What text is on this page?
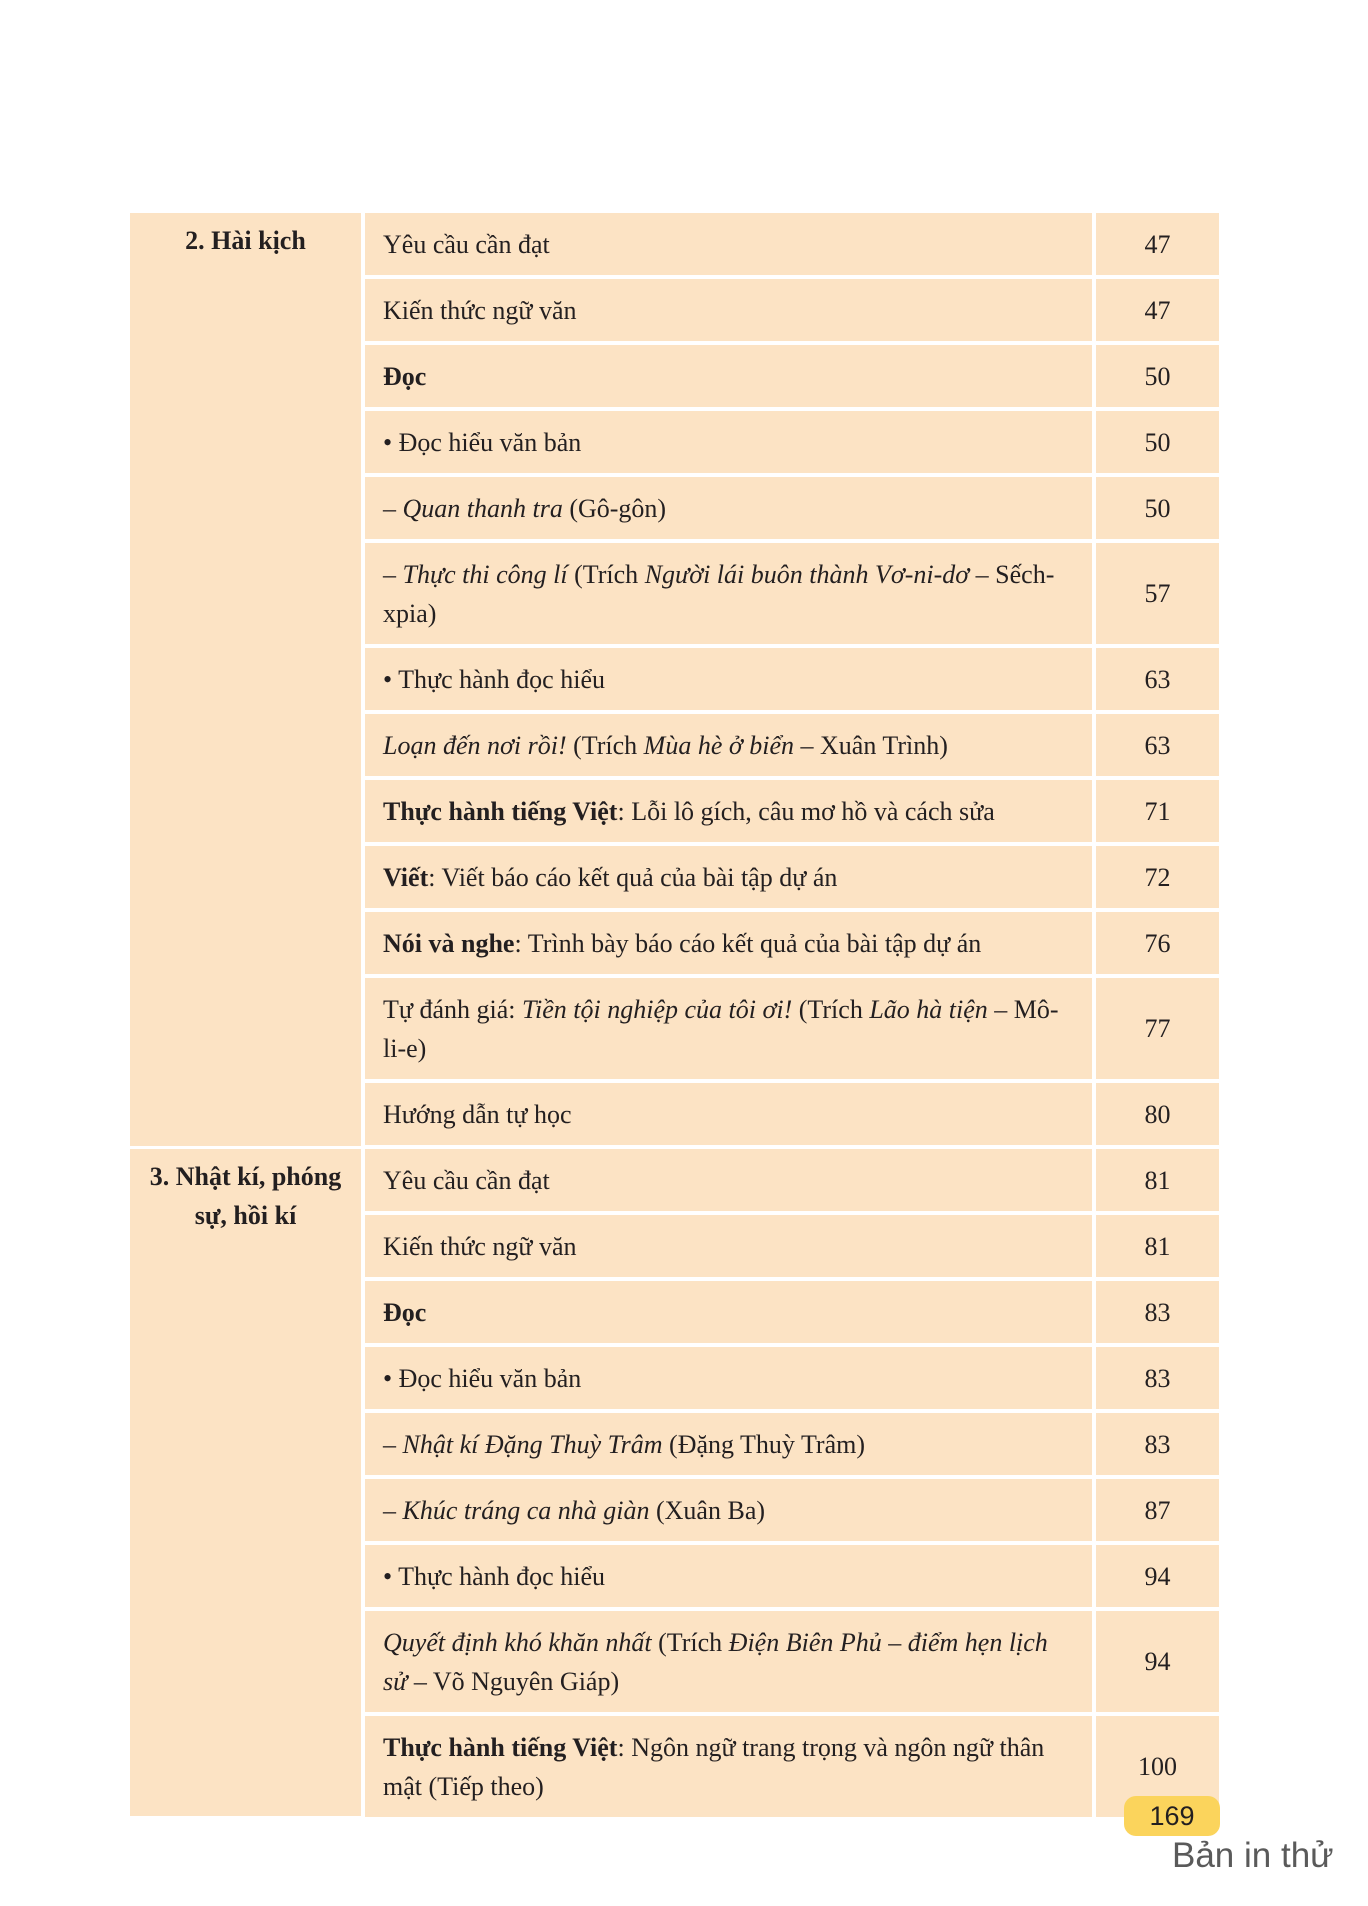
2. Hài kịch	Yêu cầu cần đạt	47
	Kiến thức ngữ văn	47
	Đọc	50
	• Đọc hiểu văn bản	50
	– Quan thanh tra (Gô-gôn)	50
	– Thực thi công lí (Trích Người lái buôn thành Vơ-ni-dơ – Sếch-xpia)	57
	• Thực hành đọc hiểu	63
	Loạn đến nơi rồi! (Trích Mùa hè ở biển – Xuân Trình)	63
	Thực hành tiếng Việt: Lỗi lô gích, câu mơ hồ và cách sửa	71
	Viết: Viết báo cáo kết quả của bài tập dự án	72
	Nói và nghe: Trình bày báo cáo kết quả của bài tập dự án	76
	Tự đánh giá: Tiền tội nghiệp của tôi ơi! (Trích Lão hà tiện – Mô-li-e)	77
	Hướng dẫn tự học	80
3. Nhật kí, phóng sự, hồi kí	Yêu cầu cần đạt	81
	Kiến thức ngữ văn	81
	Đọc	83
	• Đọc hiểu văn bản	83
	– Nhật kí Đặng Thuỳ Trâm (Đặng Thuỳ Trâm)	83
	– Khúc tráng ca nhà giàn (Xuân Ba)	87
	• Thực hành đọc hiểu	94
	Quyết định khó khăn nhất (Trích Điện Biên Phủ – điểm hẹn lịch sử – Võ Nguyên Giáp)	94
	Thực hành tiếng Việt: Ngôn ngữ trang trọng và ngôn ngữ thân mật (Tiếp theo)	100
169
Bản in thử
